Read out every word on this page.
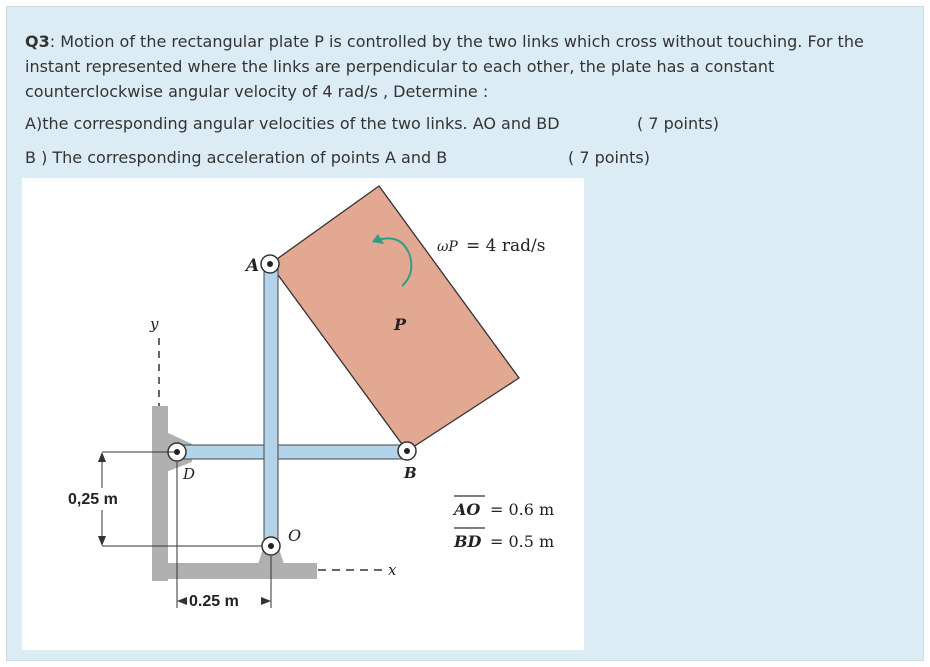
Q3: Motion of the rectangular plate P is controlled by the two links which cross without touching. For the instant represented where the links are perpendicular to each other, the plate has a constant counterclockwise angular velocity of 4 rad/s , Determine :
A)the corresponding angular velocities of the two links. AO and BD	( 7 points)
B ) The corresponding acceleration of points A and B	( 7 points)
A
P
B
D
O
x
y
ωP = 4 rad/s
0,25 m
0.25 m
AO = 0.6 m
BD = 0.5 m
